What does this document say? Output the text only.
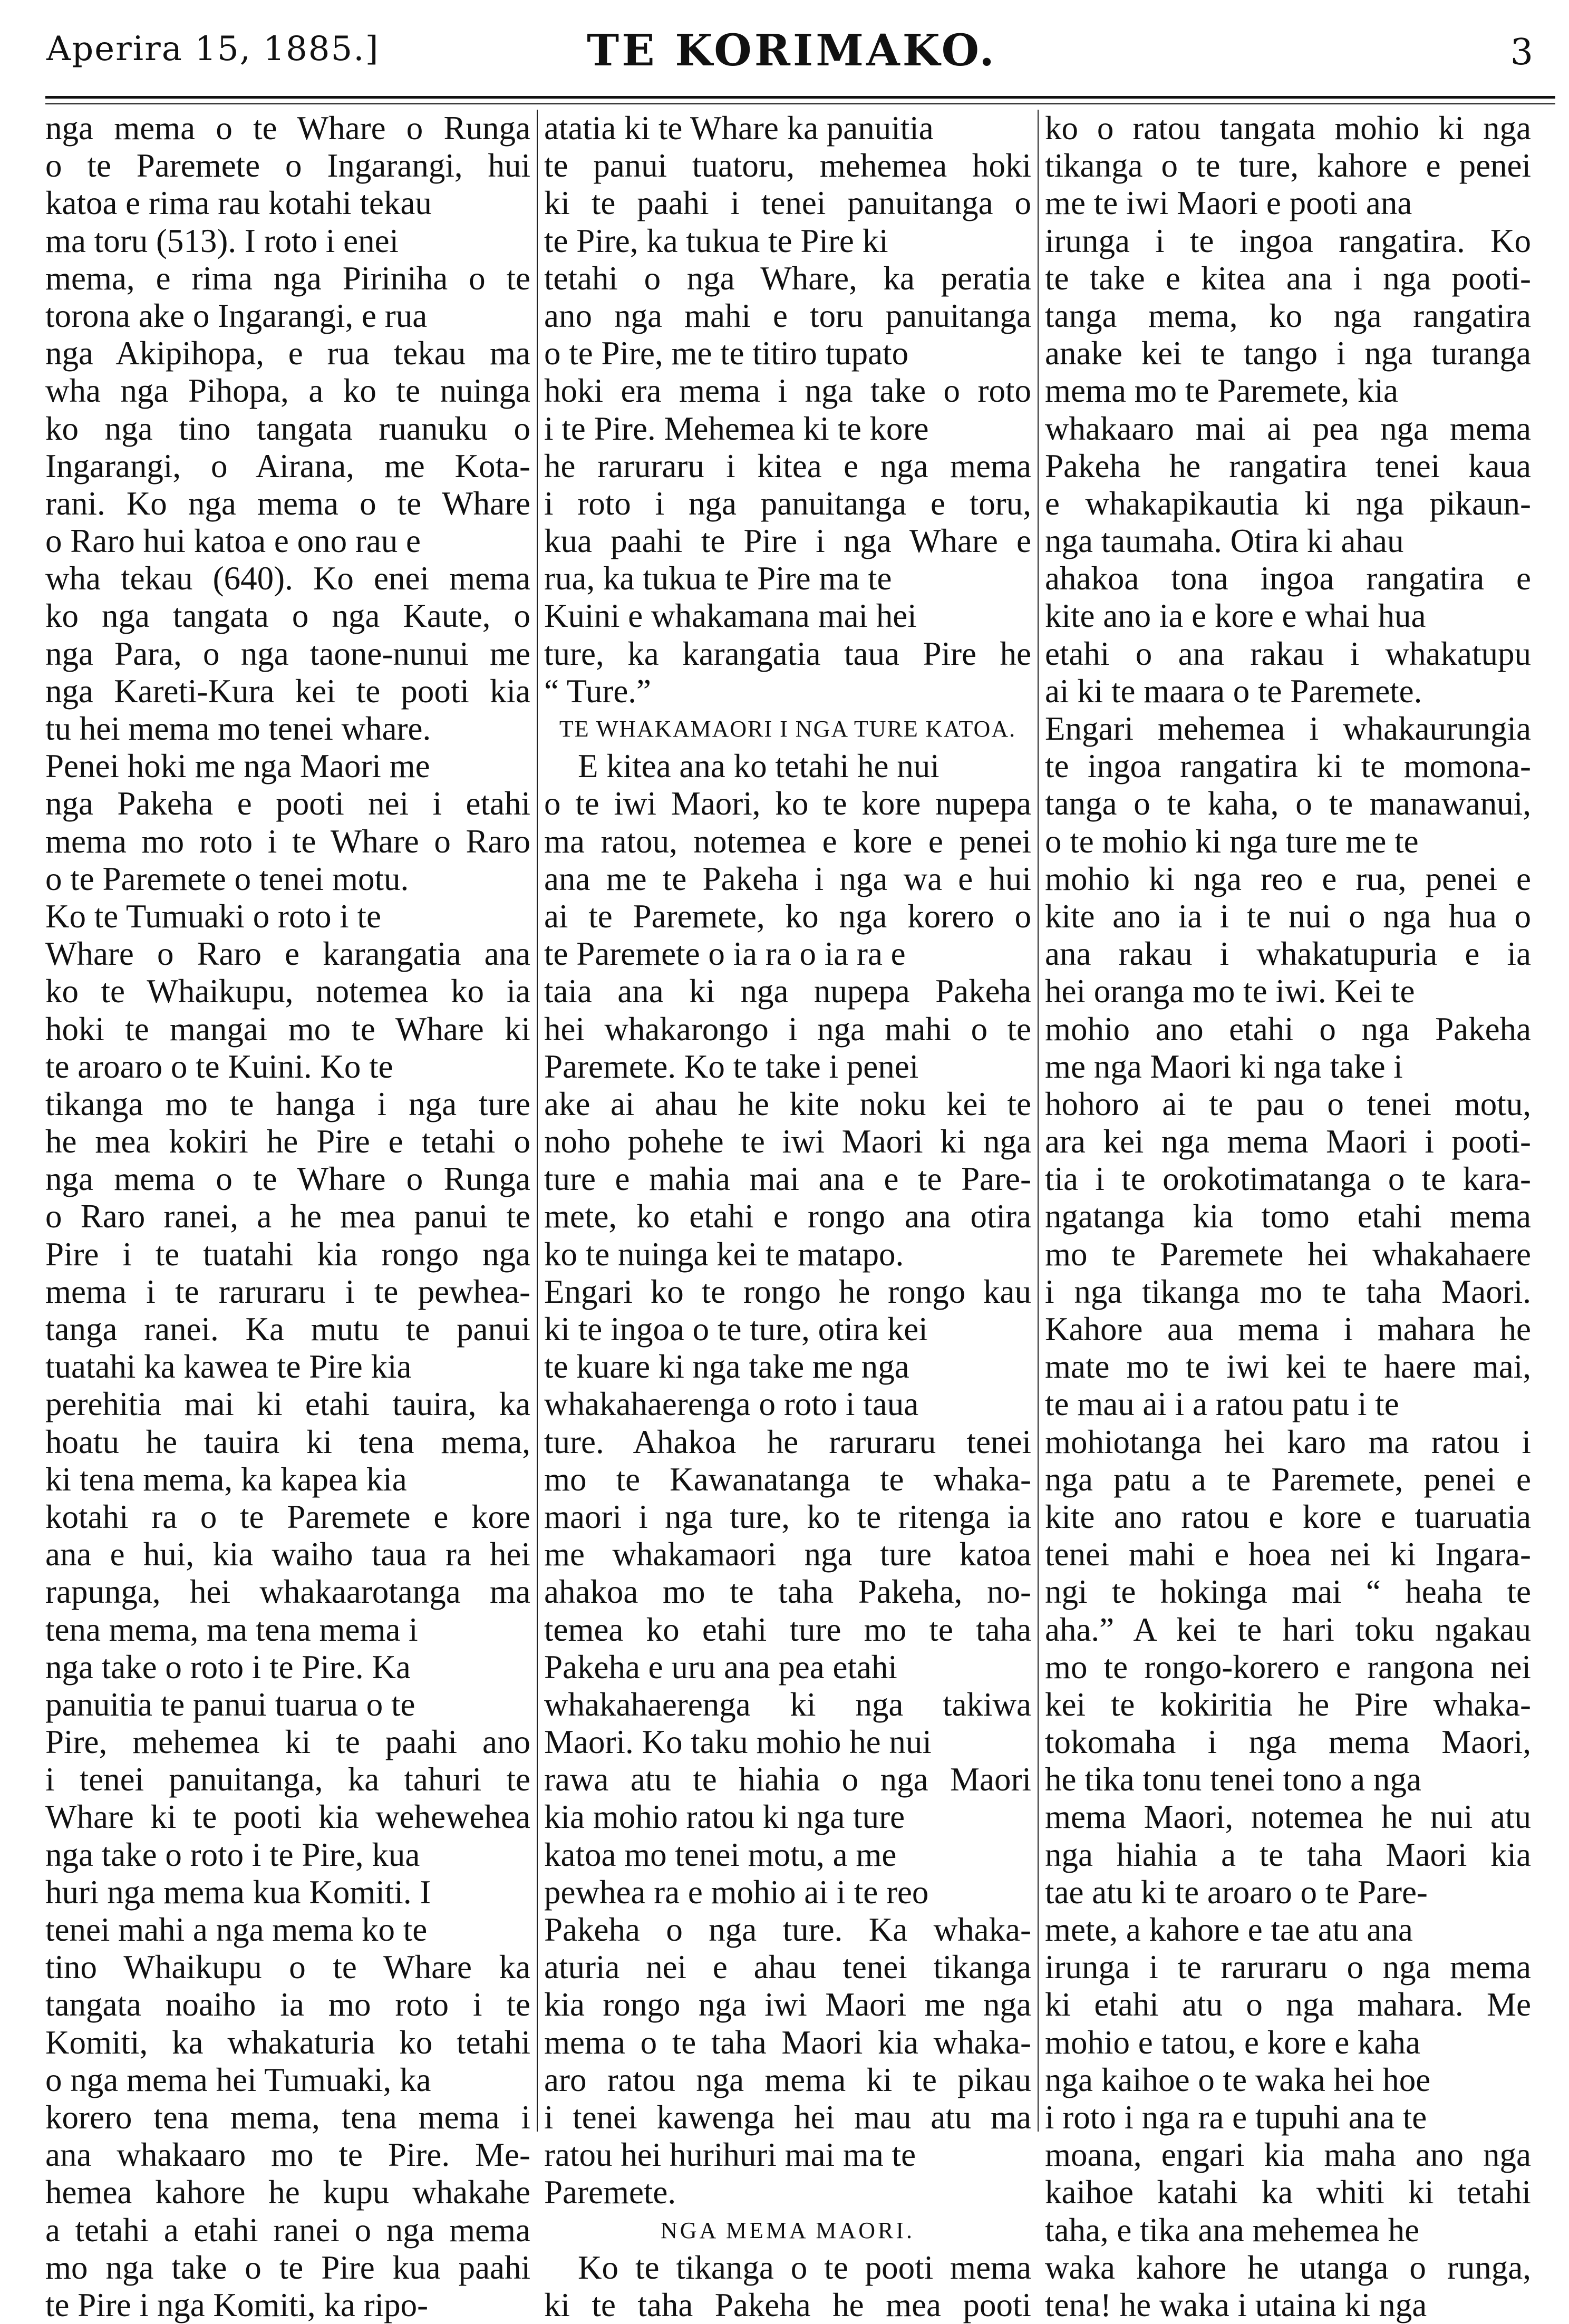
Aperira 15, 1885.]	TE KORIMAKO.	3
nga mema o te Whare o Runga
o te Paremete o Ingarangi, hui
katoa e rima rau kotahi tekau
ma toru (513). I roto i enei
mema, e rima nga Piriniha o te
torona ake o Ingarangi, e rua
nga Akipihopa, e rua tekau ma
wha nga Pihopa, a ko te nuinga
ko nga tino tangata ruanuku o
Ingarangi, o Airana, me Kota-
rani. Ko nga mema o te Whare
o Raro hui katoa e ono rau e
wha tekau (640). Ko enei mema
ko nga tangata o nga Kaute, o
nga Para, o nga taone-nunui me
nga Kareti-Kura kei te pooti kia
tu hei mema mo tenei whare.
Penei hoki me nga Maori me
nga Pakeha e pooti nei i etahi
mema mo roto i te Whare o Raro
o te Paremete o tenei motu.
Ko te Tumuaki o roto i te
Whare o Raro e karangatia ana
ko te Whaikupu, notemea ko ia
hoki te mangai mo te Whare ki
te aroaro o te Kuini. Ko te
tikanga mo te hanga i nga ture
he mea kokiri he Pire e tetahi o
nga mema o te Whare o Runga
o Raro ranei, a he mea panui te
Pire i te tuatahi kia rongo nga
mema i te raruraru i te pewhea-
tanga ranei. Ka mutu te panui
tuatahi ka kawea te Pire kia
perehitia mai ki etahi tauira, ka
hoatu he tauira ki tena mema,
ki tena mema, ka kapea kia
kotahi ra o te Paremete e kore
ana e hui, kia waiho taua ra hei
rapunga, hei whakaarotanga ma
tena mema, ma tena mema i
nga take o roto i te Pire. Ka
panuitia te panui tuarua o te
Pire, mehemea ki te paahi ano
i tenei panuitanga, ka tahuri te
Whare ki te pooti kia wehewehea
nga take o roto i te Pire, kua
huri nga mema kua Komiti. I
tenei mahi a nga mema ko te
tino Whaikupu o te Whare ka
tangata noaiho ia mo roto i te
Komiti, ka whakaturia ko tetahi
o nga mema hei Tumuaki, ka
korero tena mema, tena mema i
ana whakaaro mo te Pire. Me-
hemea kahore he kupu whakahe
a tetahi a etahi ranei o nga mema
mo nga take o te Pire kua paahi
te Pire i nga Komiti, ka ripo-
atatia ki te Whare ka panuitia
te panui tuatoru, mehemea hoki
ki te paahi i tenei panuitanga o
te Pire, ka tukua te Pire ki
tetahi o nga Whare, ka peratia
ano nga mahi e toru panuitanga
o te Pire, me te titiro tupato
hoki era mema i nga take o roto
i te Pire. Mehemea ki te kore
he raruraru i kitea e nga mema
i roto i nga panuitanga e toru,
kua paahi te Pire i nga Whare e
rua, ka tukua te Pire ma te
Kuini e whakamana mai hei
ture, ka karangatia taua Pire he
“ Ture.”
TE WHAKAMAORI I NGA TURE KATOA.
E kitea ana ko tetahi he nui
o te iwi Maori, ko te kore nupepa
ma ratou, notemea e kore e penei
ana me te Pakeha i nga wa e hui
ai te Paremete, ko nga korero o
te Paremete o ia ra o ia ra e
taia ana ki nga nupepa Pakeha
hei whakarongo i nga mahi o te
Paremete. Ko te take i penei
ake ai ahau he kite noku kei te
noho pohehe te iwi Maori ki nga
ture e mahia mai ana e te Pare-
mete, ko etahi e rongo ana otira
ko te nuinga kei te matapo.
Engari ko te rongo he rongo kau
ki te ingoa o te ture, otira kei
te kuare ki nga take me nga
whakahaerenga o roto i taua
ture. Ahakoa he raruraru tenei
mo te Kawanatanga te whaka-
maori i nga ture, ko te ritenga ia
me whakamaori nga ture katoa
ahakoa mo te taha Pakeha, no-
temea ko etahi ture mo te taha
Pakeha e uru ana pea etahi
whakahaerenga ki nga takiwa
Maori. Ko taku mohio he nui
rawa atu te hiahia o nga Maori
kia mohio ratou ki nga ture
katoa mo tenei motu, a me
pewhea ra e mohio ai i te reo
Pakeha o nga ture. Ka whaka-
aturia nei e ahau tenei tikanga
kia rongo nga iwi Maori me nga
mema o te taha Maori kia whaka-
aro ratou nga mema ki te pikau
i tenei kawenga hei mau atu ma
ratou hei hurihuri mai ma te
Paremete.
NGA MEMA MAORI.
Ko te tikanga o te pooti mema
ki te taha Pakeha he mea pooti
ko o ratou tangata mohio ki nga
tikanga o te ture, kahore e penei
me te iwi Maori e pooti ana
irunga i te ingoa rangatira. Ko
te take e kitea ana i nga pooti-
tanga mema, ko nga rangatira
anake kei te tango i nga turanga
mema mo te Paremete, kia
whakaaro mai ai pea nga mema
Pakeha he rangatira tenei kaua
e whakapikautia ki nga pikaun-
nga taumaha. Otira ki ahau
ahakoa tona ingoa rangatira e
kite ano ia e kore e whai hua
etahi o ana rakau i whakatupu
ai ki te maara o te Paremete.
Engari mehemea i whakaurungia
te ingoa rangatira ki te momona-
tanga o te kaha, o te manawanui,
o te mohio ki nga ture me te
mohio ki nga reo e rua, penei e
kite ano ia i te nui o nga hua o
ana rakau i whakatupuria e ia
hei oranga mo te iwi. Kei te
mohio ano etahi o nga Pakeha
me nga Maori ki nga take i
hohoro ai te pau o tenei motu,
ara kei nga mema Maori i pooti-
tia i te orokotimatanga o te kara-
ngatanga kia tomo etahi mema
mo te Paremete hei whakahaere
i nga tikanga mo te taha Maori.
Kahore aua mema i mahara he
mate mo te iwi kei te haere mai,
te mau ai i a ratou patu i te
mohiotanga hei karo ma ratou i
nga patu a te Paremete, penei e
kite ano ratou e kore e tuaruatia
tenei mahi e hoea nei ki Ingara-
ngi te hokinga mai “ heaha te
aha.” A kei te hari toku ngakau
mo te rongo-korero e rangona nei
kei te kokiritia he Pire whaka-
tokomaha i nga mema Maori,
he tika tonu tenei tono a nga
mema Maori, notemea he nui atu
nga hiahia a te taha Maori kia
tae atu ki te aroaro o te Pare-
mete, a kahore e tae atu ana
irunga i te raruraru o nga mema
ki etahi atu o nga mahara. Me
mohio e tatou, e kore e kaha
nga kaihoe o te waka hei hoe
i roto i nga ra e tupuhi ana te
moana, engari kia maha ano nga
kaihoe katahi ka whiti ki tetahi
taha, e tika ana mehemea he
waka kahore he utanga o runga,
tena! he waka i utaina ki nga
